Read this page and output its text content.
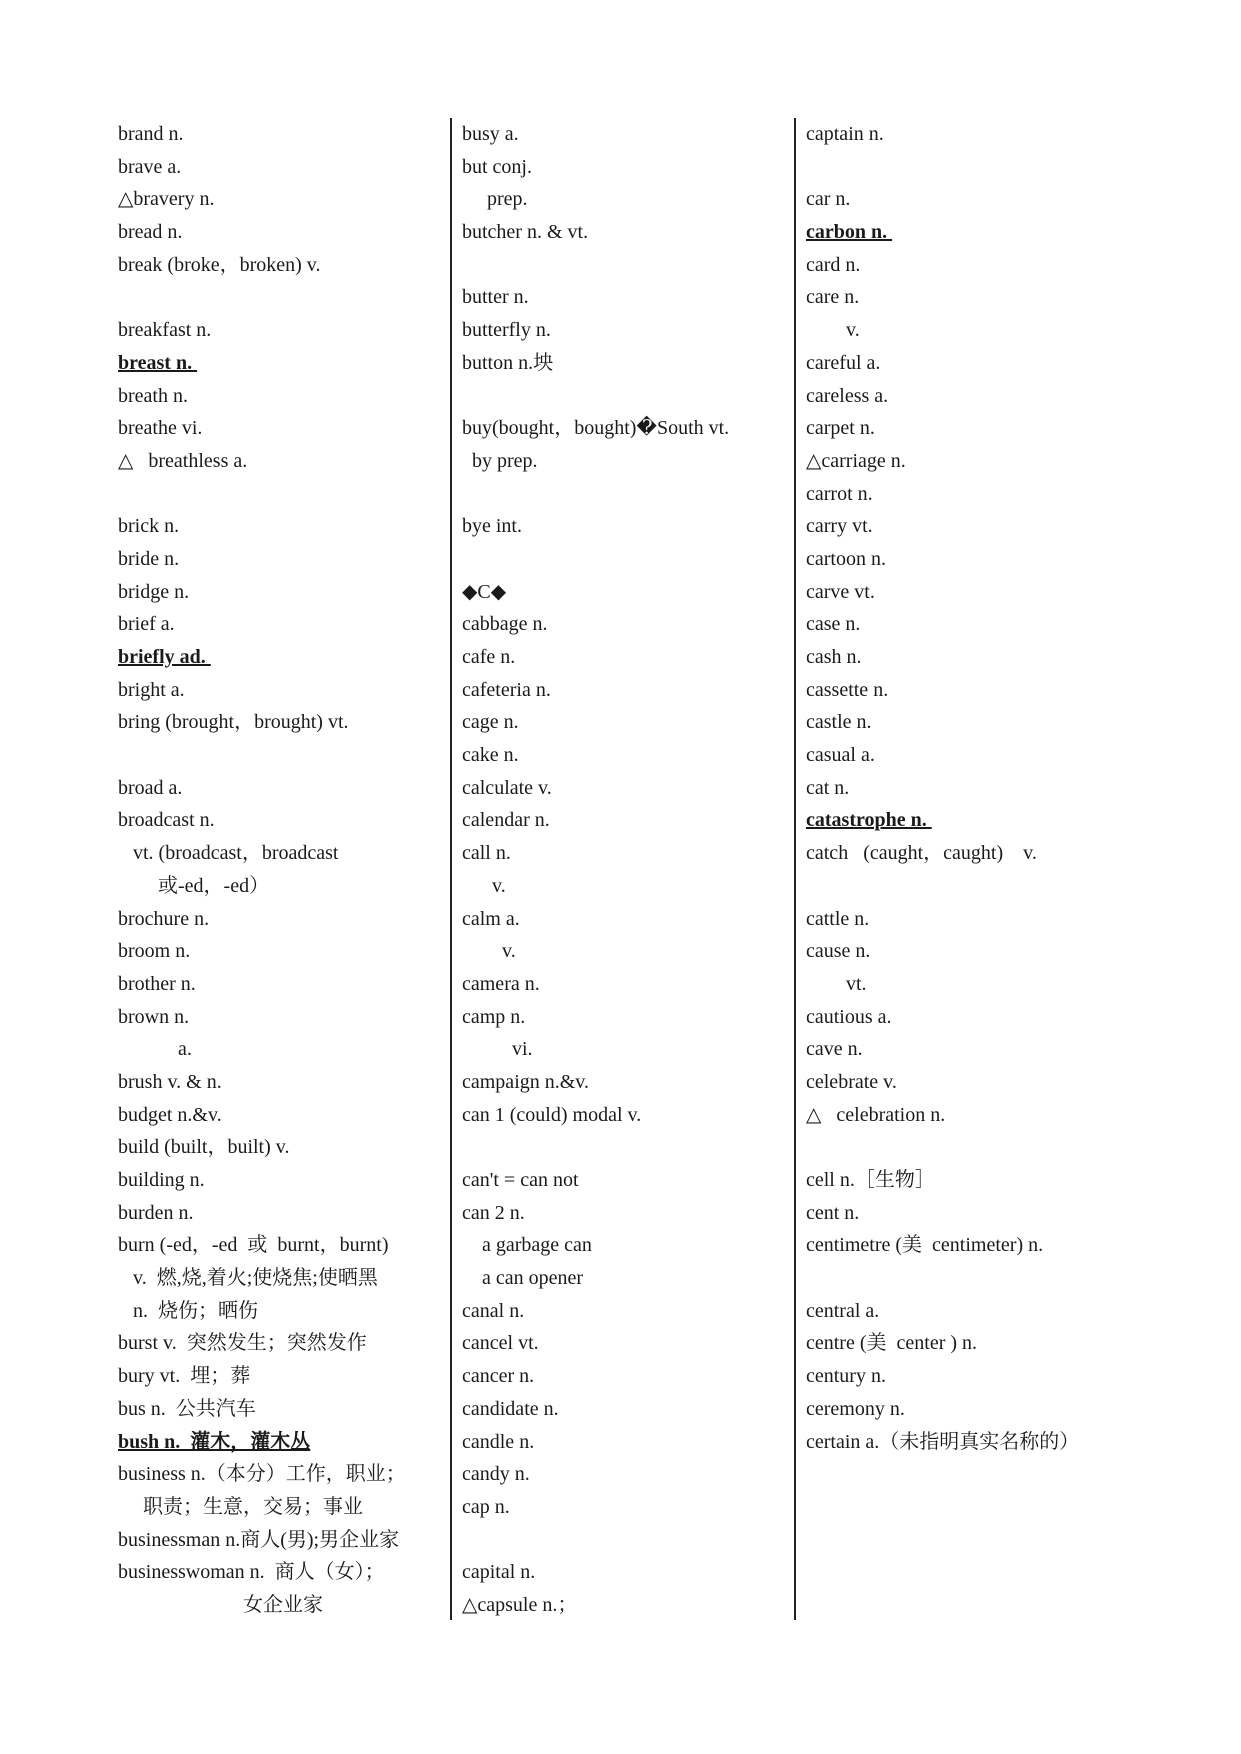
brand n.
brave a.
△bravery n.
bread n.
break (broke，broken) v.
breakfast n.
breast n.
breath n.
breathe vi.
△   breathless a.
brick n.
bride n.
bridge n.
brief a.
briefly ad.
bright a.
bring (brought，brought) vt.
broad a.
broadcast n.
vt. (broadcast，broadcast
或-ed，-ed）
brochure n.
broom n.
brother n.
brown n.
a.
brush v. & n.
budget n.&v.
build (built，built) v.
building n.
burden n.
burn (-ed，-ed  或  burnt，burnt)
v.  燃,烧,着火;使烧焦;使晒黑
n.  烧伤；晒伤
burst v.  突然发生；突然发作
bury vt.  埋；葬
bus n.  公共汽车
bush n.  灌木，灌木丛
business n.（本分）工作，职业；
职责；生意，交易；事业
businessman n.商人(男);男企业家
businesswoman n.  商人（女）；
女企业家
busy a.
but conj.
prep.
butcher n. & vt.
butter n.
butterfly n.
button n.坱
buy(bought，bought)�South vt.
by prep.
bye int.
◆C◆
cabbage n.
cafe n.
cafeteria n.
cage n.
cake n.
calculate v.
calendar n.
call n.
v.
calm a.
v.
camera n.
camp n.
vi.
campaign n.&v.
can 1 (could) modal v.
can't = can not
can 2 n.
a garbage can
a can opener
canal n.
cancel vt.
cancer n.
candidate n.
candle n.
candy n.
cap n.
capital n.
△capsule n.；
captain n.
car n.
carbon n.
card n.
care n.
v.
careful a.
careless a.
carpet n.
△carriage n.
carrot n.
carry vt.
cartoon n.
carve vt.
case n.
cash n.
cassette n.
castle n.
casual a.
cat n.
catastrophe n.
catch   (caught，caught)    v.
cattle n.
cause n.
vt.
cautious a.
cave n.
celebrate v.
△   celebration n.
cell n.［生物］
cent n.
centimetre (美  centimeter) n.
central a.
centre (美  center ) n.
century n.
ceremony n.
certain a.（未指明真实名称的）
